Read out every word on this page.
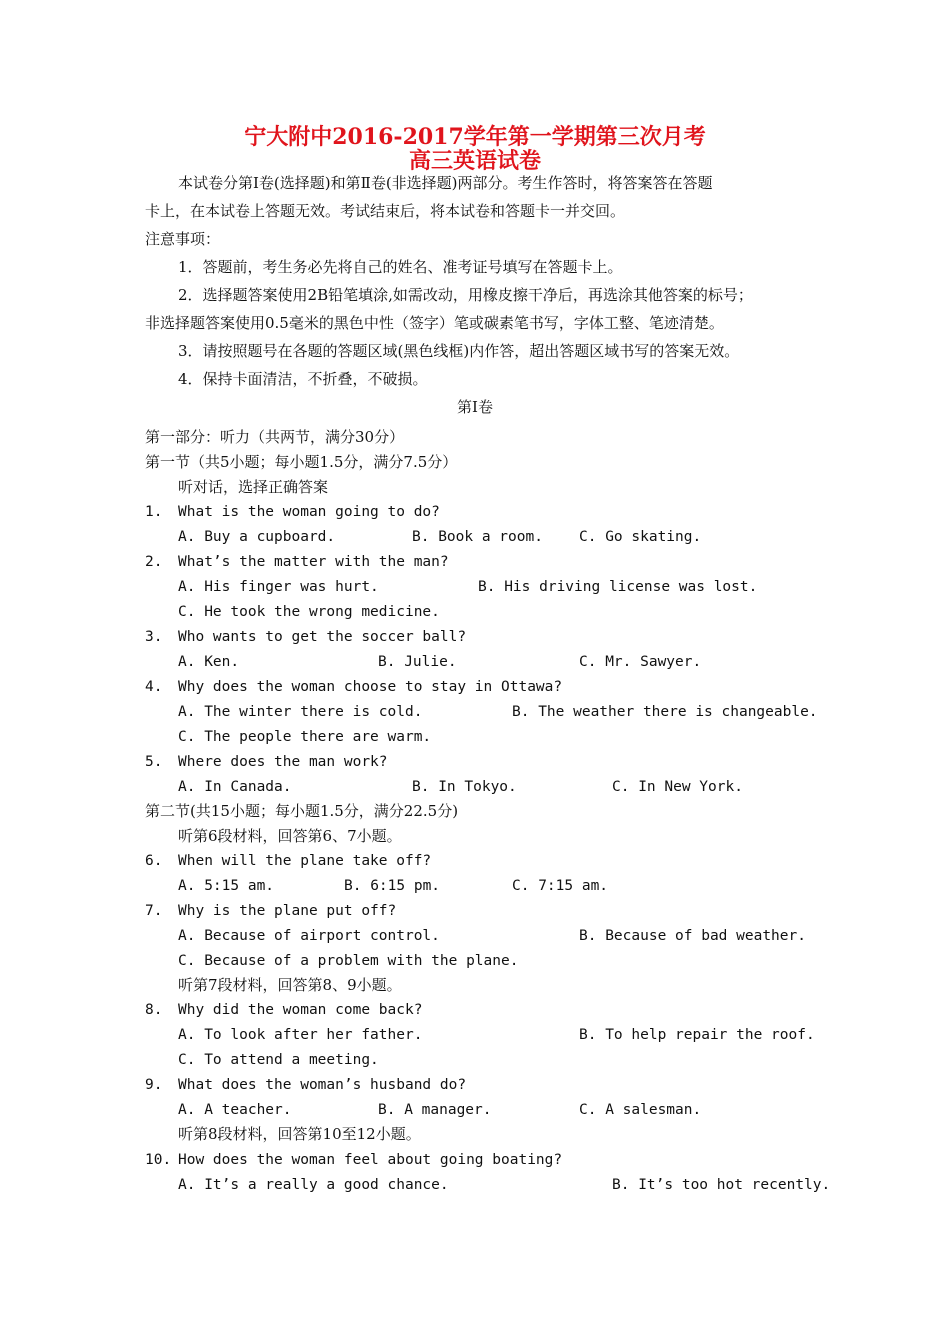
宁大附中2016-2017学年第一学期第三次月考
高三英语试卷
本试卷分第Ⅰ卷(选择题)和第Ⅱ卷(非选择题)两部分。考生作答时，将答案答在答题
卡上，在本试卷上答题无效。考试结束后，将本试卷和答题卡一并交回。
注意事项：
1．答题前，考生务必先将自己的姓名、准考证号填写在答题卡上。
2．选择题答案使用2B铅笔填涂,如需改动，用橡皮擦干净后，再选涂其他答案的标号；
非选择题答案使用0.5毫米的黑色中性（签字）笔或碳素笔书写，字体工整、笔迹清楚。
3．请按照题号在各题的答题区域(黑色线框)内作答，超出答题区域书写的答案无效。
4．保持卡面清洁，不折叠，不破损。
第Ⅰ卷
第一部分：听力（共两节，满分30分）
第一节（共5小题；每小题1.5分，满分7.5分）
听对话，选择正确答案
1. What is the woman going to do?
A. Buy a cupboard.	B. Book a room. C. Go skating.
2. What’s the matter with the man?
A. His finger was hurt.	B. His driving license was lost.
C. He took the wrong medicine.
3. Who wants to get the soccer ball?
A. Ken.	B. Julie.	C. Mr. Sawyer.
4. Why does the woman choose to stay in Ottawa?
A. The winter there is cold.	B. The weather there is changeable.
C. The people there are warm.
5. Where does the man work?
A. In Canada.	B. In Tokyo.	C. In New York.
第二节(共15小题；每小题1.5分，满分22.5分)
听第6段材料，回答第6、7小题。
6. When will the plane take off?
A. 5:15 am.	B. 6:15 pm.	C. 7:15 am.
7. Why is the plane put off?
A. Because of airport control.	B. Because of bad weather.
C. Because of a problem with the plane.
听第7段材料，回答第8、9小题。
8. Why did the woman come back?
A. To look after her father.	B. To help repair the roof.
C. To attend a meeting.
9. What does the woman’s husband do?
A. A teacher.	B. A manager.	C. A salesman.
听第8段材料，回答第10至12小题。
10. How does the woman feel about going boating?
A. It’s a really a good chance.	B. It’s too hot recently.
